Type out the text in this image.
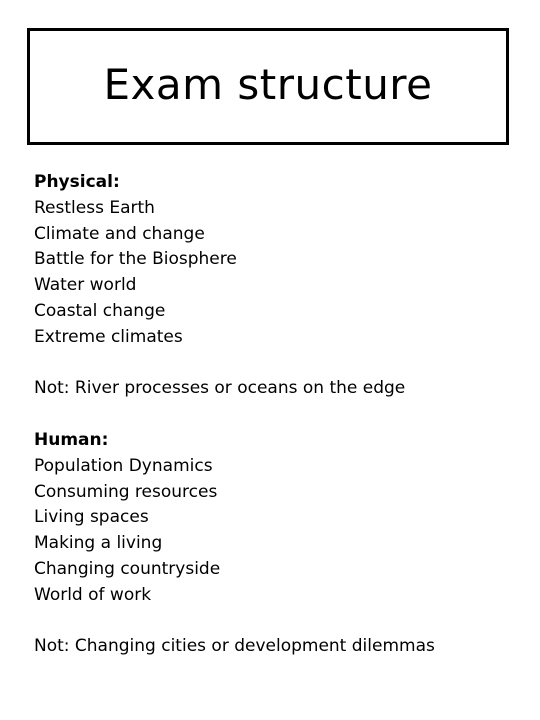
Exam structure
Physical:
Restless Earth
Climate and change
Battle for the Biosphere
Water world
Coastal change
Extreme climates
Not: River processes or oceans on the edge
Human:
Population Dynamics
Consuming resources
Living spaces
Making a living
Changing countryside
World of work
Not: Changing cities or development dilemmas
